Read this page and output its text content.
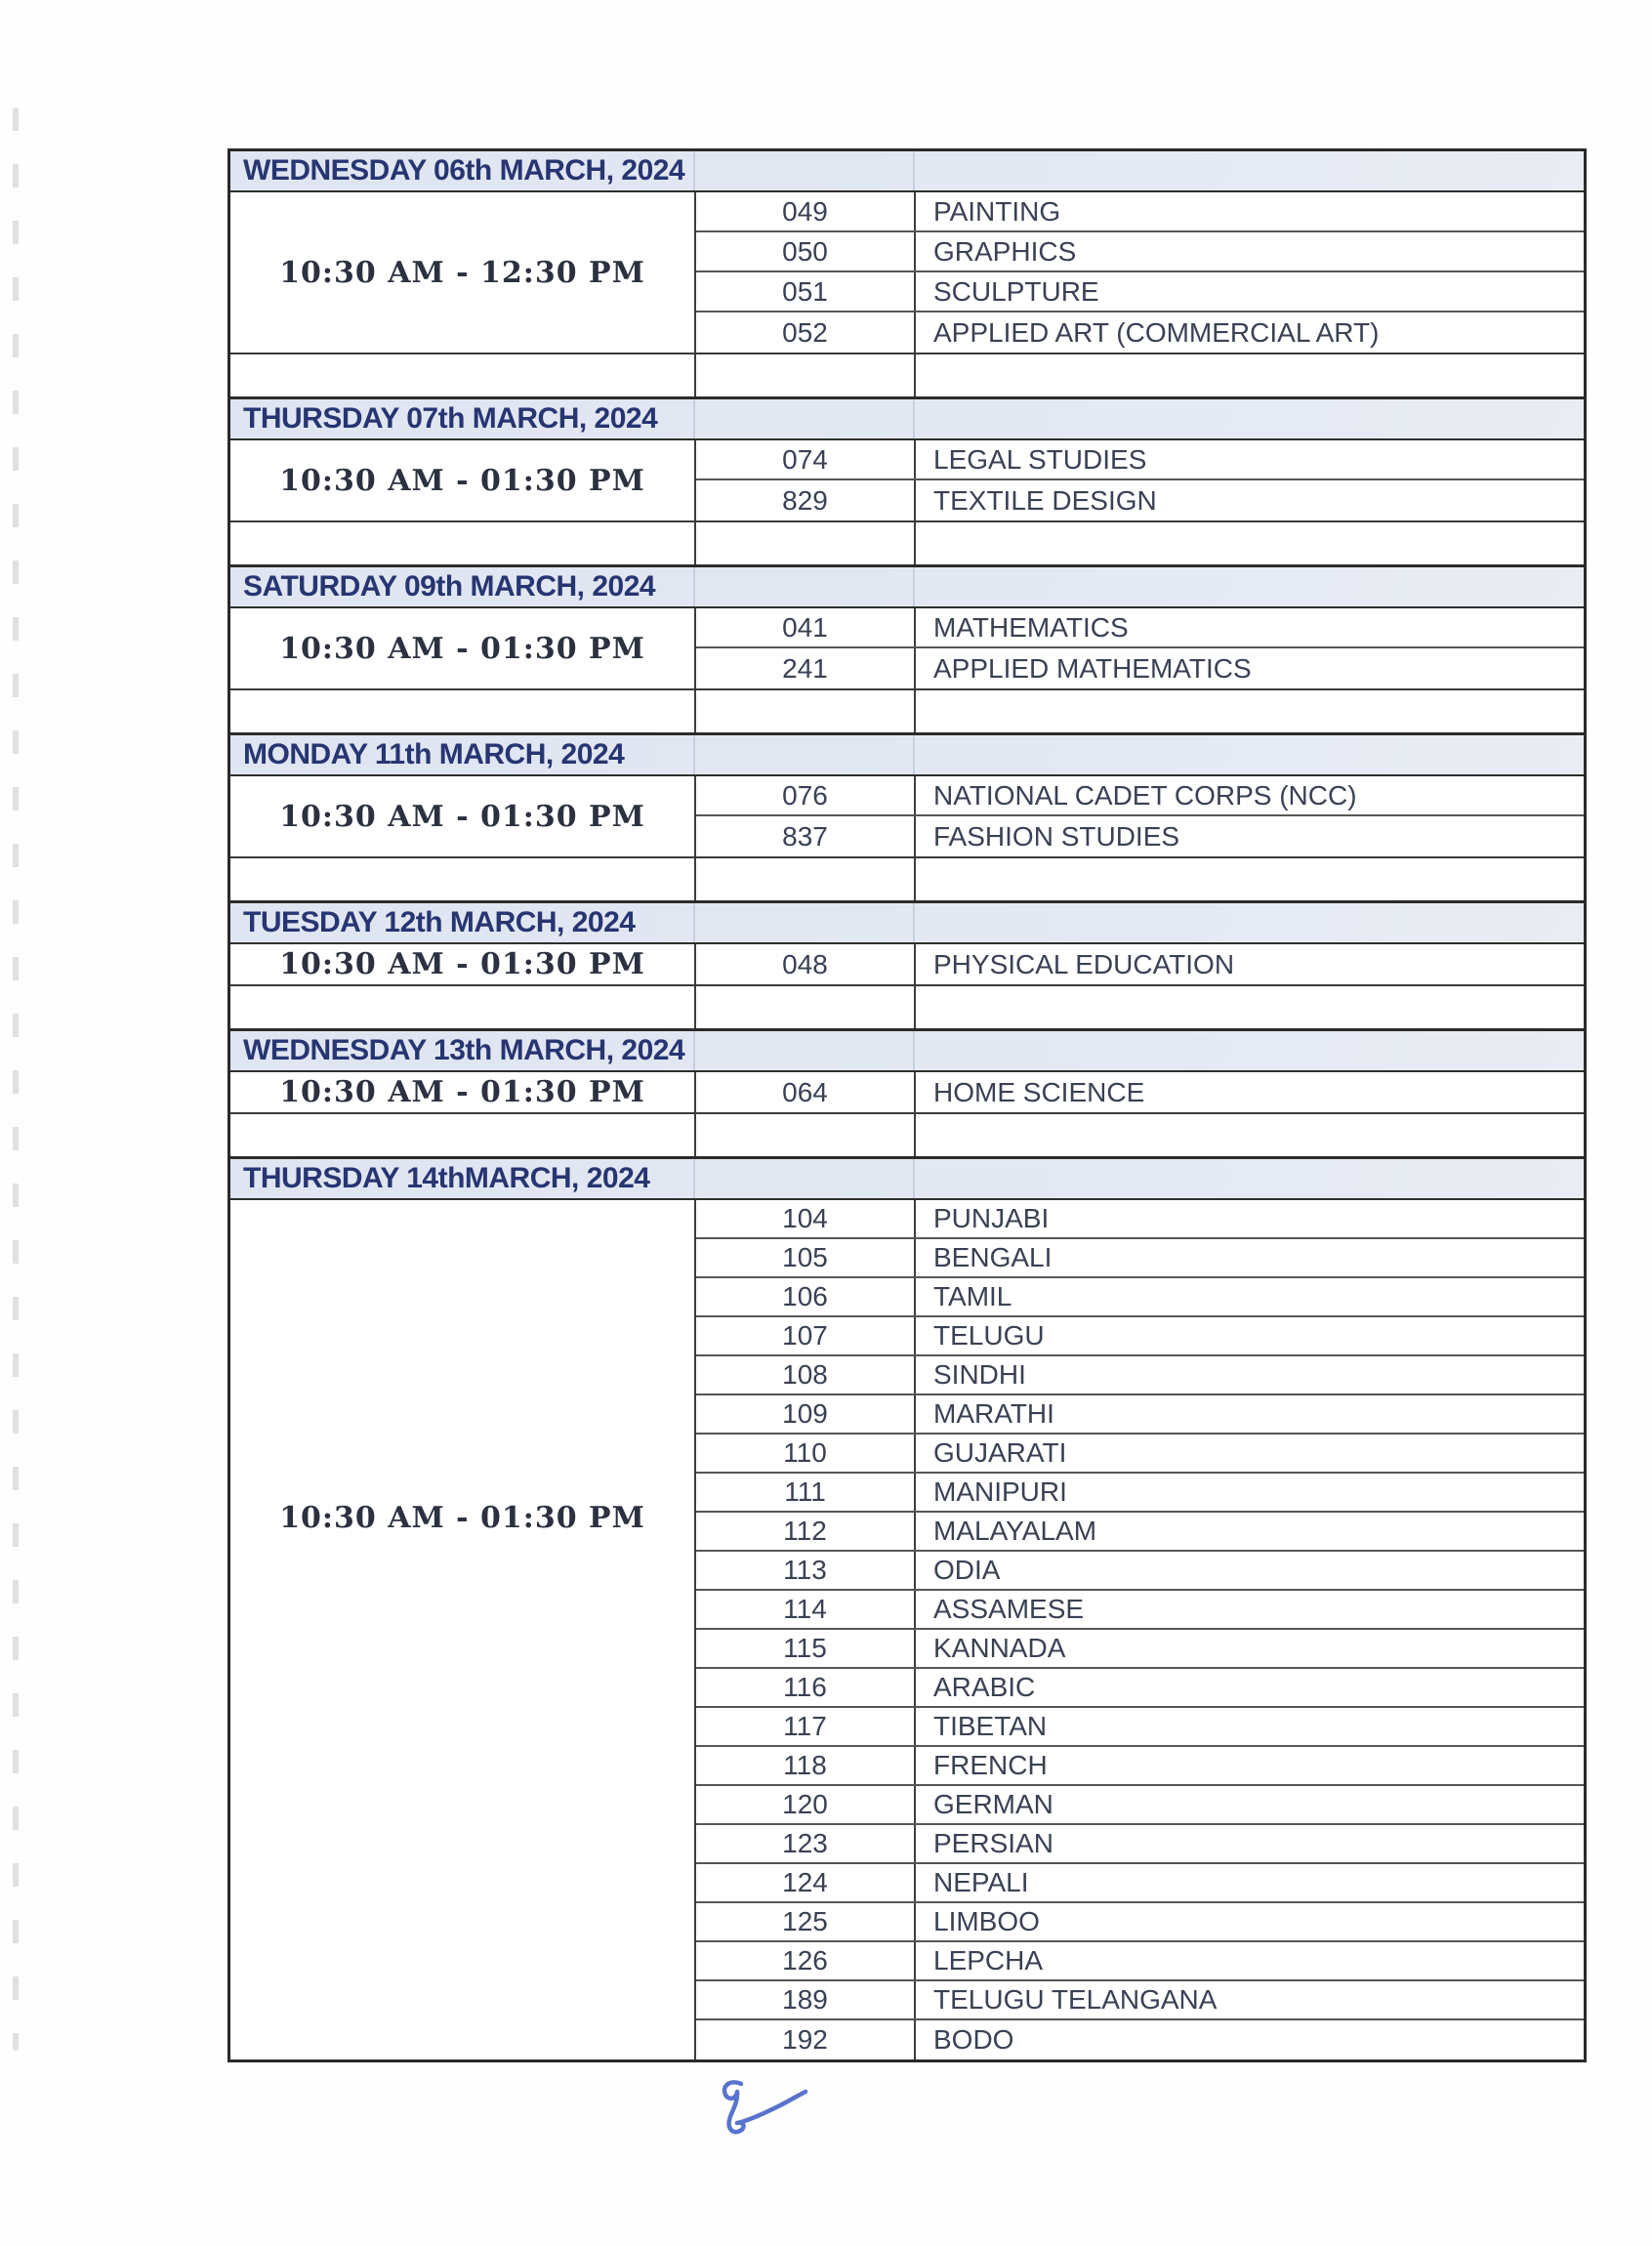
WEDNESDAY 06th MARCH, 2024
10:30 AM - 12:30 PM
049	PAINTING
050	GRAPHICS
051	SCULPTURE
052	APPLIED ART (COMMERCIAL ART)
THURSDAY 07th MARCH, 2024
10:30 AM - 01:30 PM
074	LEGAL STUDIES
829	TEXTILE DESIGN
SATURDAY 09th MARCH, 2024
10:30 AM - 01:30 PM
041	MATHEMATICS
241	APPLIED MATHEMATICS
MONDAY 11th MARCH, 2024
10:30 AM - 01:30 PM
076	NATIONAL CADET CORPS (NCC)
837	FASHION STUDIES
TUESDAY 12th MARCH, 2024
10:30 AM - 01:30 PM	048	PHYSICAL EDUCATION
WEDNESDAY 13th MARCH, 2024
10:30 AM - 01:30 PM	064	HOME SCIENCE
THURSDAY 14thMARCH, 2024
10:30 AM - 01:30 PM
104	PUNJABI
105	BENGALI
106	TAMIL
107	TELUGU
108	SINDHI
109	MARATHI
110	GUJARATI
111	MANIPURI
112	MALAYALAM
113	ODIA
114	ASSAMESE
115	KANNADA
116	ARABIC
117	TIBETAN
118	FRENCH
120	GERMAN
123	PERSIAN
124	NEPALI
125	LIMBOO
126	LEPCHA
189	TELUGU TELANGANA
192	BODO
